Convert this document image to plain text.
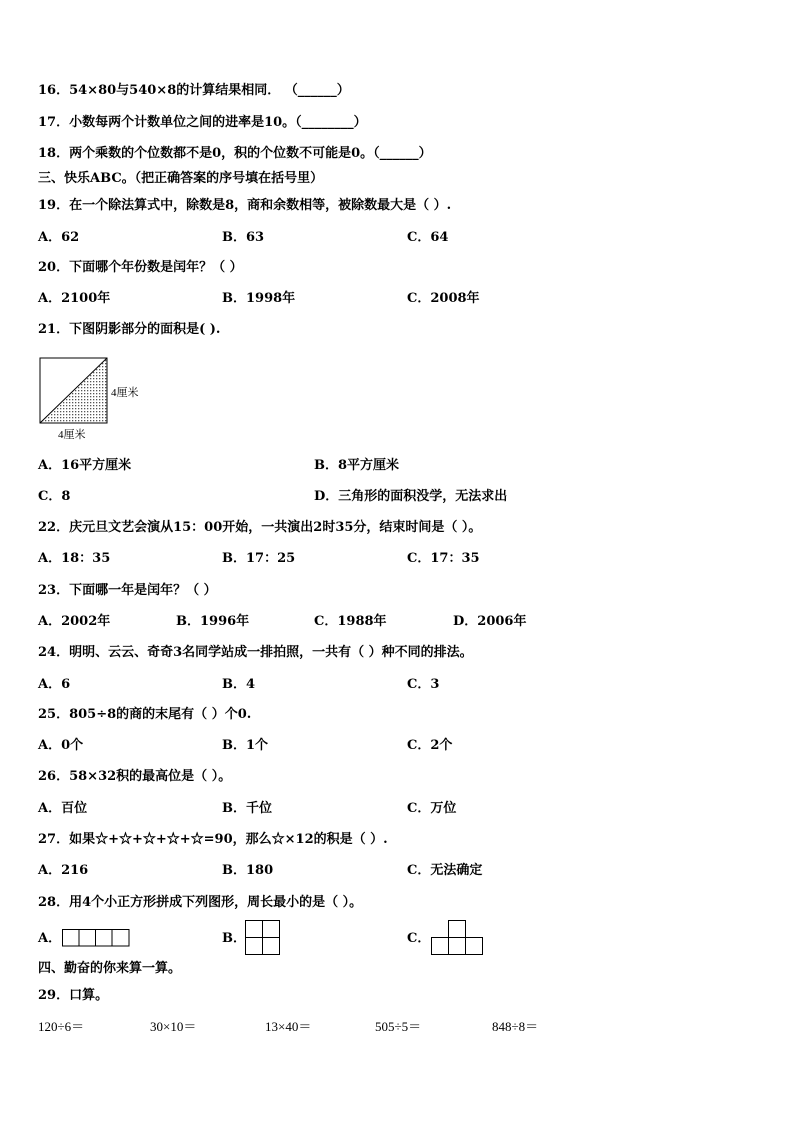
16．54×80与540×8的计算结果相同． （______）
17．小数每两个计数单位之间的进率是10。（________）
18．两个乘数的个位数都不是0，积的个位数不可能是0。（______）
三、快乐ABC。（把正确答案的序号填在括号里）
19．在一个除法算式中，除数是8，商和余数相等，被除数最大是（ ）.
A．62	B．63	C．64
20．下面哪个年份数是闰年？（ ）
A．2100年	B．1998年	C．2008年
21．下图阴影部分的面积是( ).
4厘米
4厘米
A．16平方厘米	B．8平方厘米
C．8	D．三角形的面积没学，无法求出
22．庆元旦文艺会演从15：00开始，一共演出2时35分，结束时间是（ ）。
A．18：35	B．17：25	C．17：35
23．下面哪一年是闰年？（ ）
A．2002年	B．1996年	C．1988年	D．2006年
24．明明、云云、奇奇3名同学站成一排拍照，一共有（ ）种不同的排法。
A．6	B．4	C．3
25．805÷8的商的末尾有（ ）个0.
A．0个	B．1个	C．2个
26．58×32积的最高位是（ ）。
A．百位	B．千位	C．万位
27．如果☆+☆+☆+☆+☆=90，那么☆×12的积是（ ）.
A．216	B．180	C．无法确定
28．用4个小正方形拼成下列图形，周长最小的是（ ）。
A．	B．	C．
四、勤奋的你来算一算。
29．口算。
120÷6＝	30×10＝	13×40＝	505÷5＝	848÷8＝
